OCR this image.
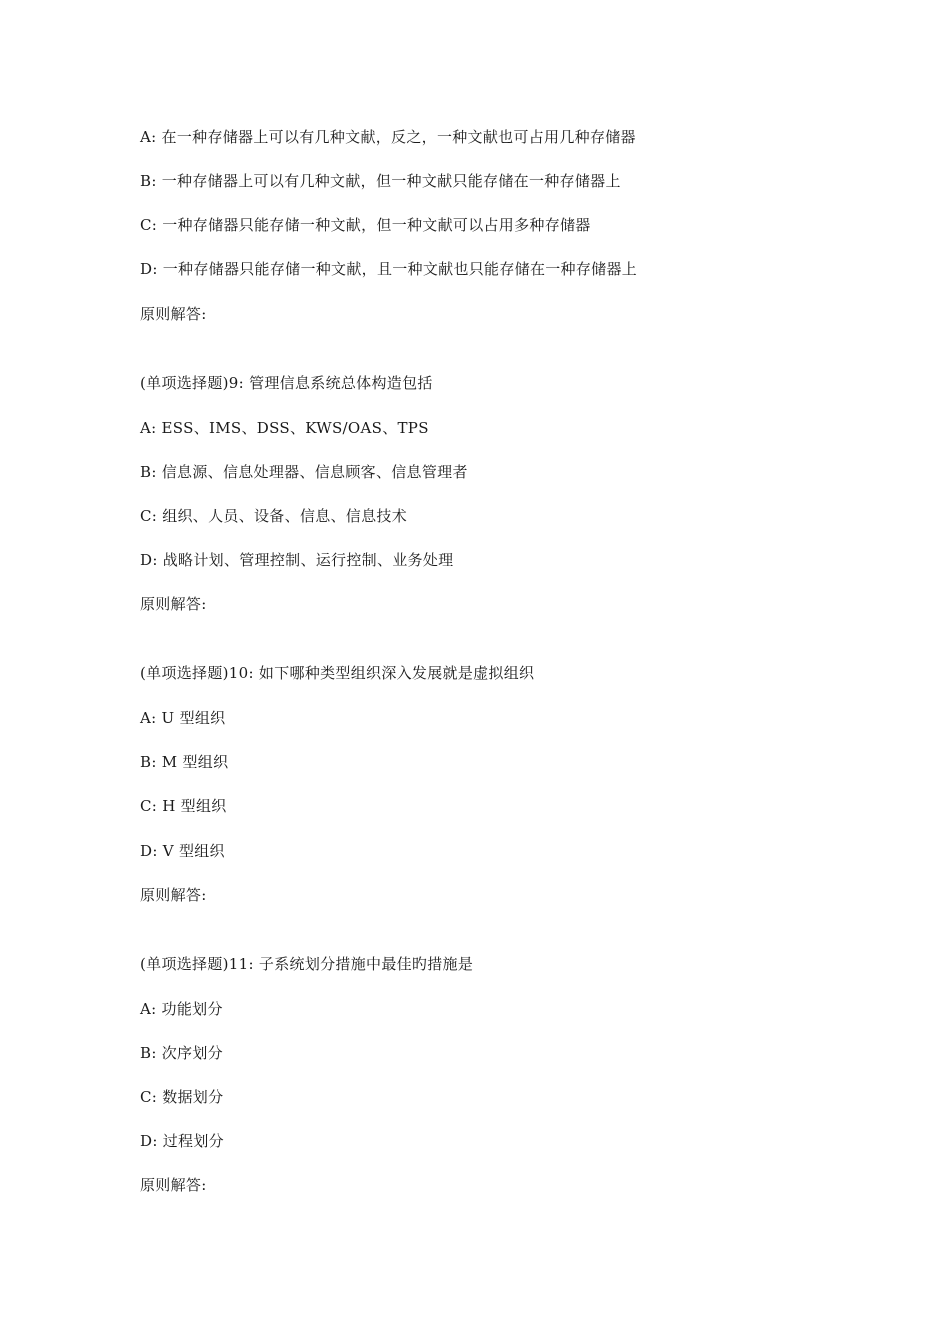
A: 在一种存储器上可以有几种文献，反之，一种文献也可占用几种存储器
B: 一种存储器上可以有几种文献，但一种文献只能存储在一种存储器上
C: 一种存储器只能存储一种文献，但一种文献可以占用多种存储器
D: 一种存储器只能存储一种文献，且一种文献也只能存储在一种存储器上
原则解答:
(单项选择题)9: 管理信息系统总体构造包括
A: ESS、IMS、DSS、KWS/OAS、TPS
B: 信息源、信息处理器、信息顾客、信息管理者
C: 组织、人员、设备、信息、信息技术
D: 战略计划、管理控制、运行控制、业务处理
原则解答:
(单项选择题)10: 如下哪种类型组织深入发展就是虚拟组织
A: U 型组织
B: M 型组织
C: H 型组织
D: V 型组织
原则解答:
(单项选择题)11: 子系统划分措施中最佳旳措施是
A: 功能划分
B: 次序划分
C: 数据划分
D: 过程划分
原则解答:
